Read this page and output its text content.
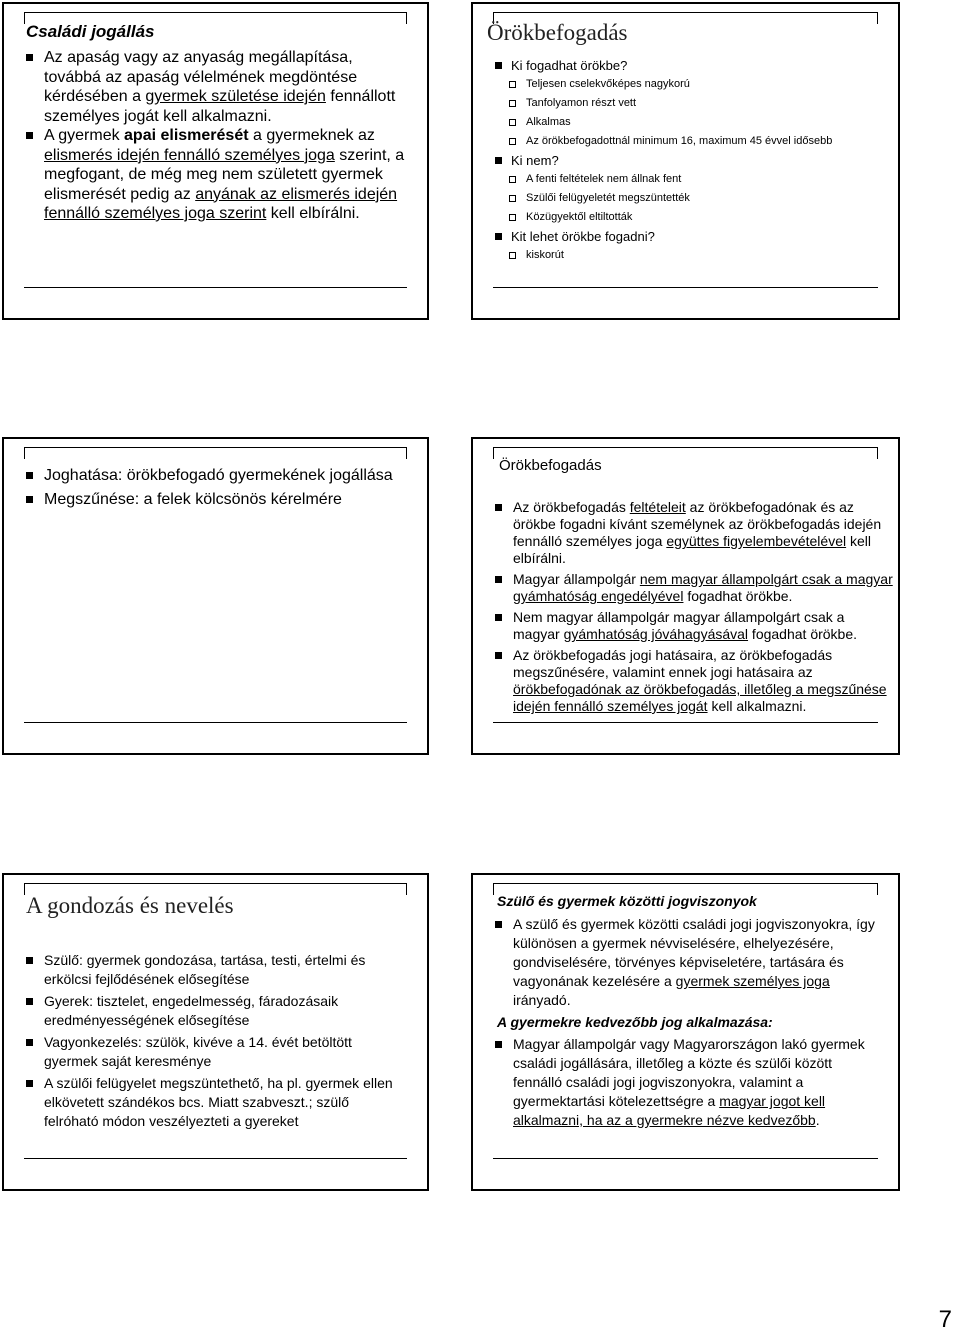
Családi jogállás
Az apaság vagy az anyaság megállapítása, továbbá az apaság vélelmének megdöntése kérdésében a gyermek születése idején fennállott személyes jogát kell alkalmazni.
A gyermek apai elismerését a gyermeknek az elismerés idején fennálló személyes joga szerint, a megfogant, de még meg nem született gyermek elismerését pedig az anyának az elismerés idején fennálló személyes joga szerint kell elbírálni.
Örökbefogadás
Ki fogadhat örökbe?
Teljesen cselekvőképes nagykorú
Tanfolyamon részt vett
Alkalmas
Az örökbefogadottnál minimum 16, maximum 45 évvel idősebb
Ki nem?
A fenti feltételek nem állnak fent
Szülői felügyeletét megszüntették
Közügyektől eltiltották
Kit lehet örökbe fogadni?
kiskorút
Joghatása: örökbefogadó gyermekének jogállása
Megszűnése: a felek kölcsönös kérelmére
Örökbefogadás
Az örökbefogadás feltételeit az örökbefogadónak és az örökbe fogadni kívánt személynek az örökbefogadás idején fennálló személyes joga együttes figyelembevételével kell elbírálni.
Magyar állampolgár nem magyar állampolgárt csak a magyar gyámhatóság engedélyével fogadhat örökbe.
Nem magyar állampolgár magyar állampolgárt csak a magyar gyámhatóság jóváhagyásával fogadhat örökbe.
Az örökbefogadás jogi hatásaira, az örökbefogadás megszűnésére, valamint ennek jogi hatásaira az örökbefogadónak az örökbefogadás, illetőleg a megszűnése idején fennálló személyes jogát kell alkalmazni.
A gondozás és nevelés
Szülő: gyermek gondozása, tartása, testi, értelmi és erkölcsi fejlődésének elősegítése
Gyerek: tisztelet, engedelmesség, fáradozásaik eredményességének elősegítése
Vagyonkezelés: szülök, kivéve a 14. évét betöltött gyermek saját keresménye
A szülői felügyelet megszüntethető, ha pl. gyermek ellen elkövetett szándékos bcs. Miatt szabveszt.; szülő felróható módon veszélyezteti a gyereket
Szülő és gyermek közötti jogviszonyok
A szülő és gyermek közötti családi jogi jogviszonyokra, így különösen a gyermek névviselésére, elhelyezésére, gondviselésére, törvényes képviseletére, tartására és vagyonának kezelésére a gyermek személyes joga irányadó.
A gyermekre kedvezőbb jog alkalmazása:
Magyar állampolgár vagy Magyarországon lakó gyermek családi jogállására, illetőleg a közte és szülői között fennálló családi jogi jogviszonyokra, valamint a gyermektartási kötelezettségre a magyar jogot kell alkalmazni, ha az a gyermekre nézve kedvezőbb.
7
